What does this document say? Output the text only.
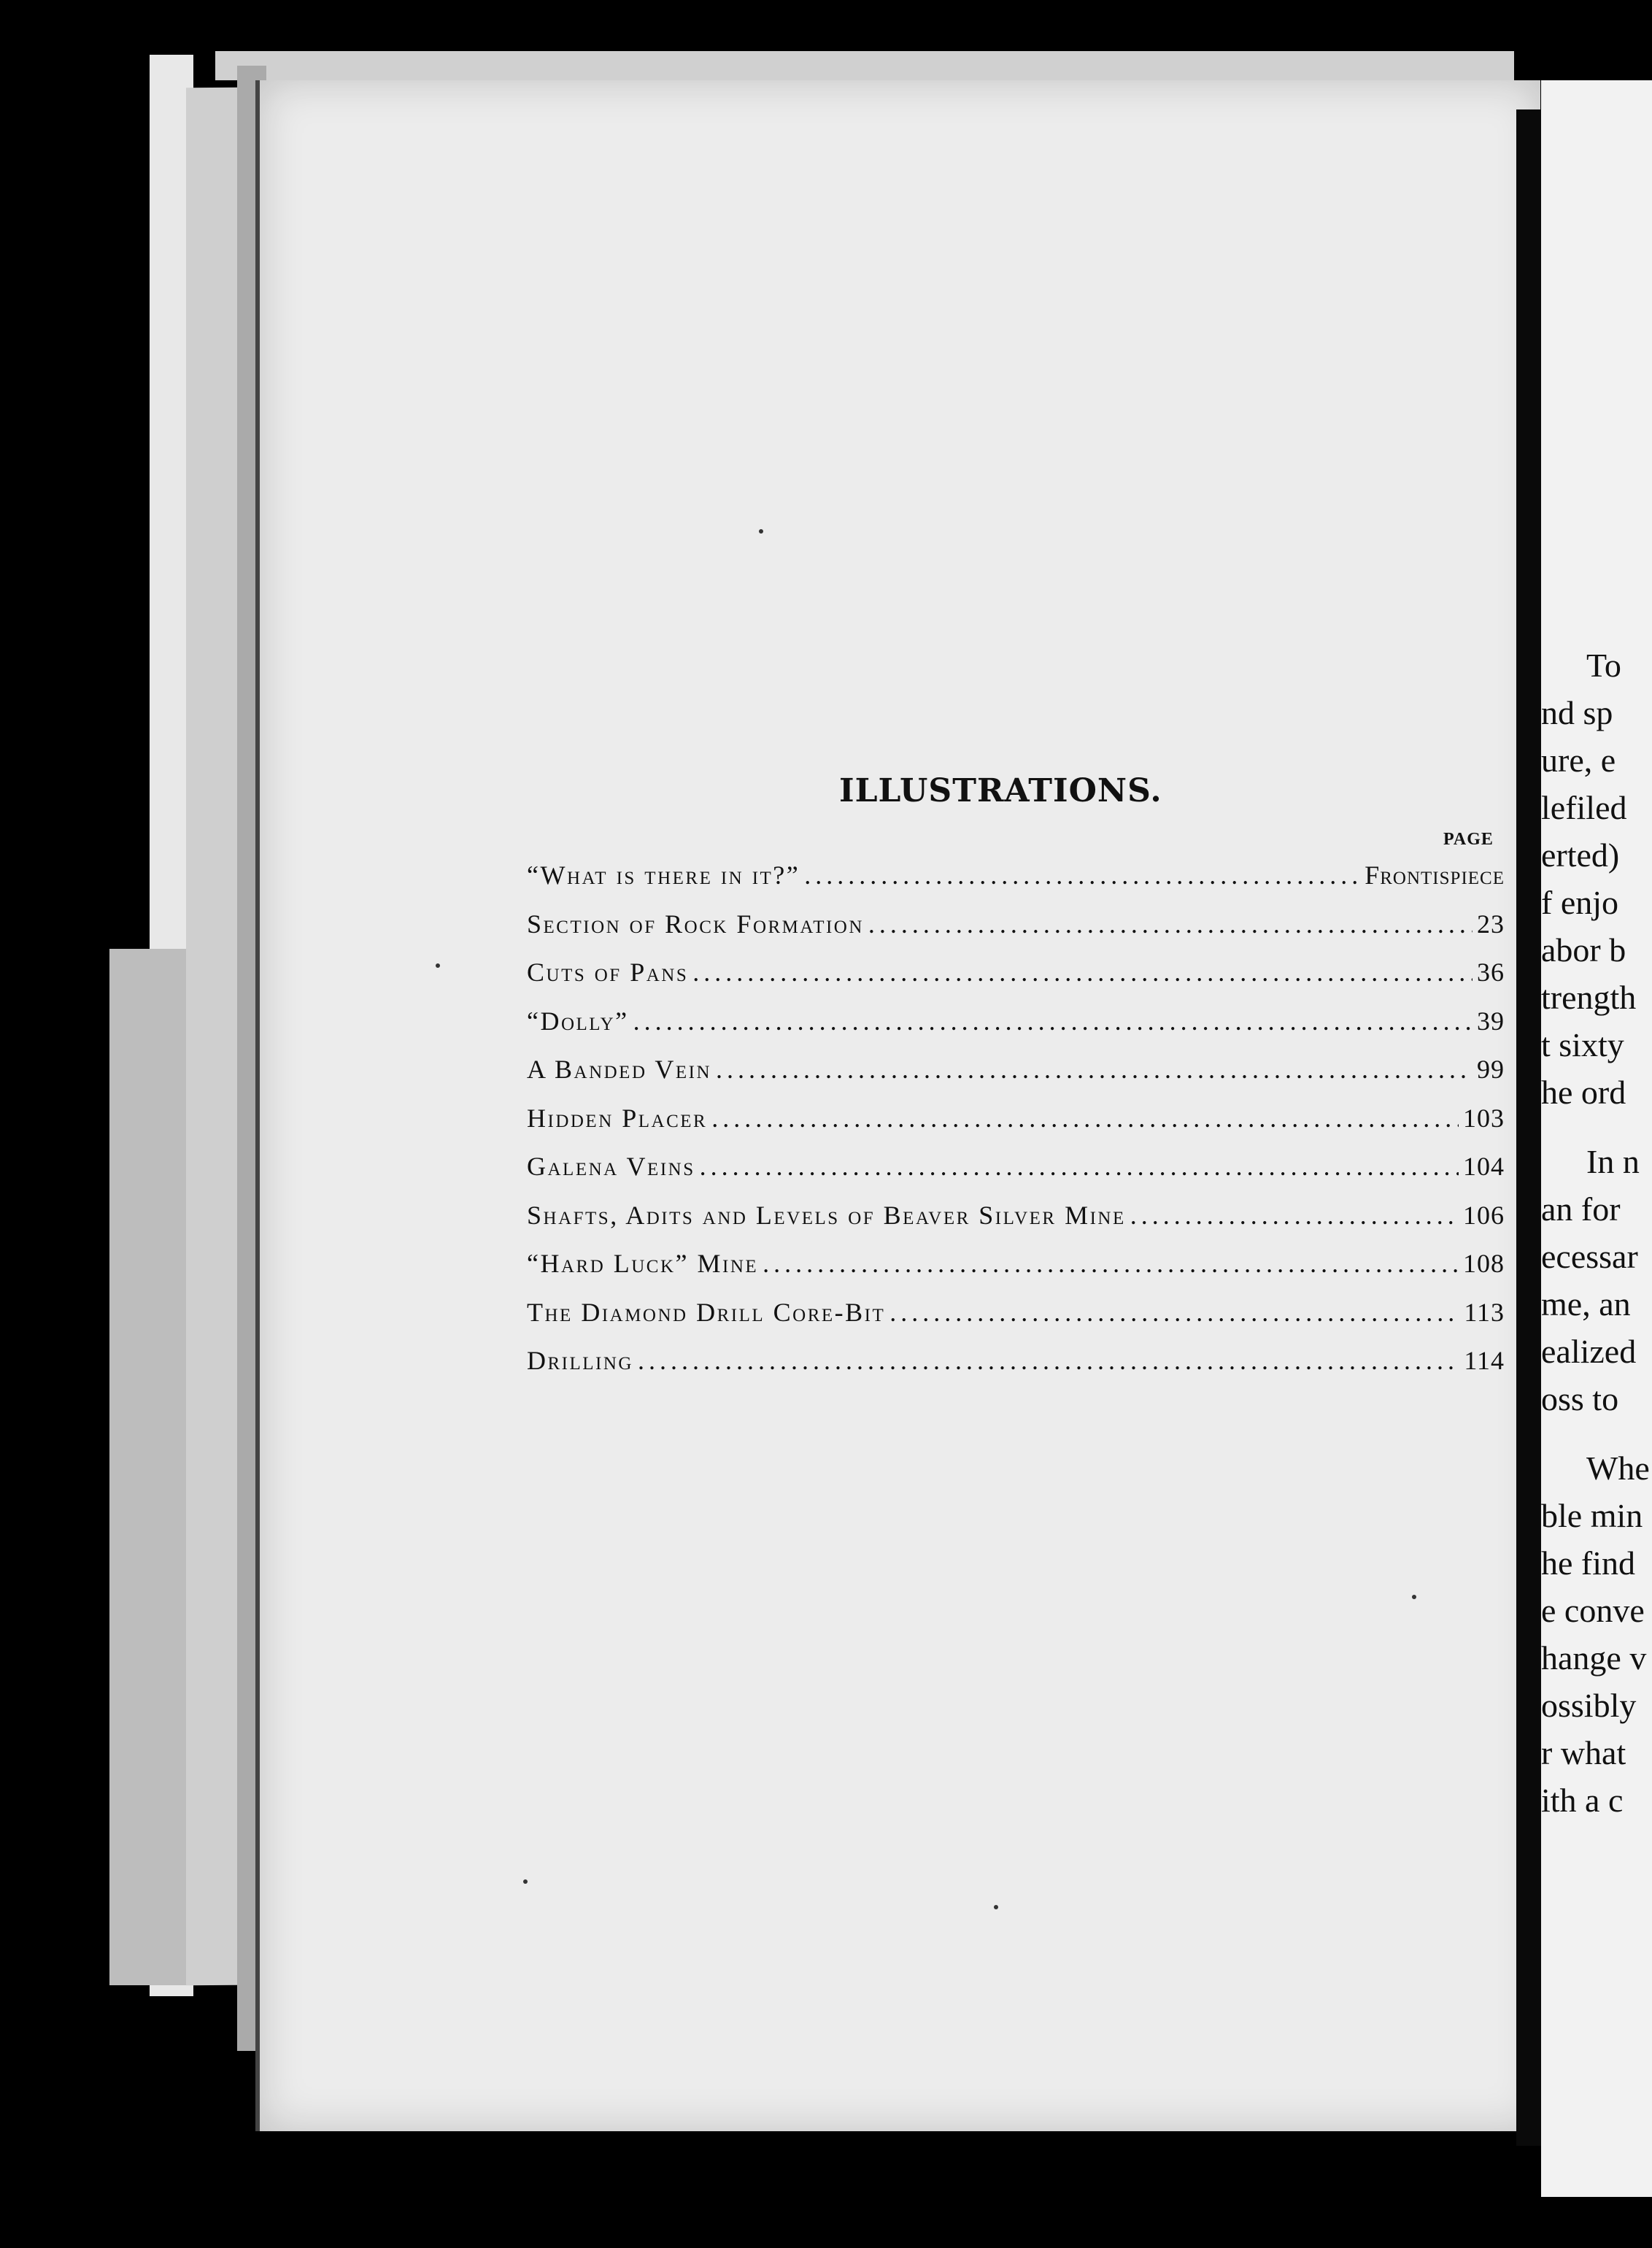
ILLUSTRATIONS.
PAGE
“What is there in it?” .....	Frontispiece
Section of Rock Formation .....	23
Cuts of Pans .....	36
“Dolly” .....	39
A Banded Vein .....	99
Hidden Placer .....	103
Galena Veins .....	104
Shafts, Adits and Levels of Beaver Silver Mine .....	106
“Hard Luck” Mine .....	108
The Diamond Drill Core-Bit .....	113
Drilling .....	114
To
nd sp
ure, e
lefiled
erted)
f enjo
abor b
trength
t sixty
he ord
In n
an for
ecessar
me, an
ealized
oss to
Whe
ble min
he find
e conve
hange v
ossibly
r what
ith a c
